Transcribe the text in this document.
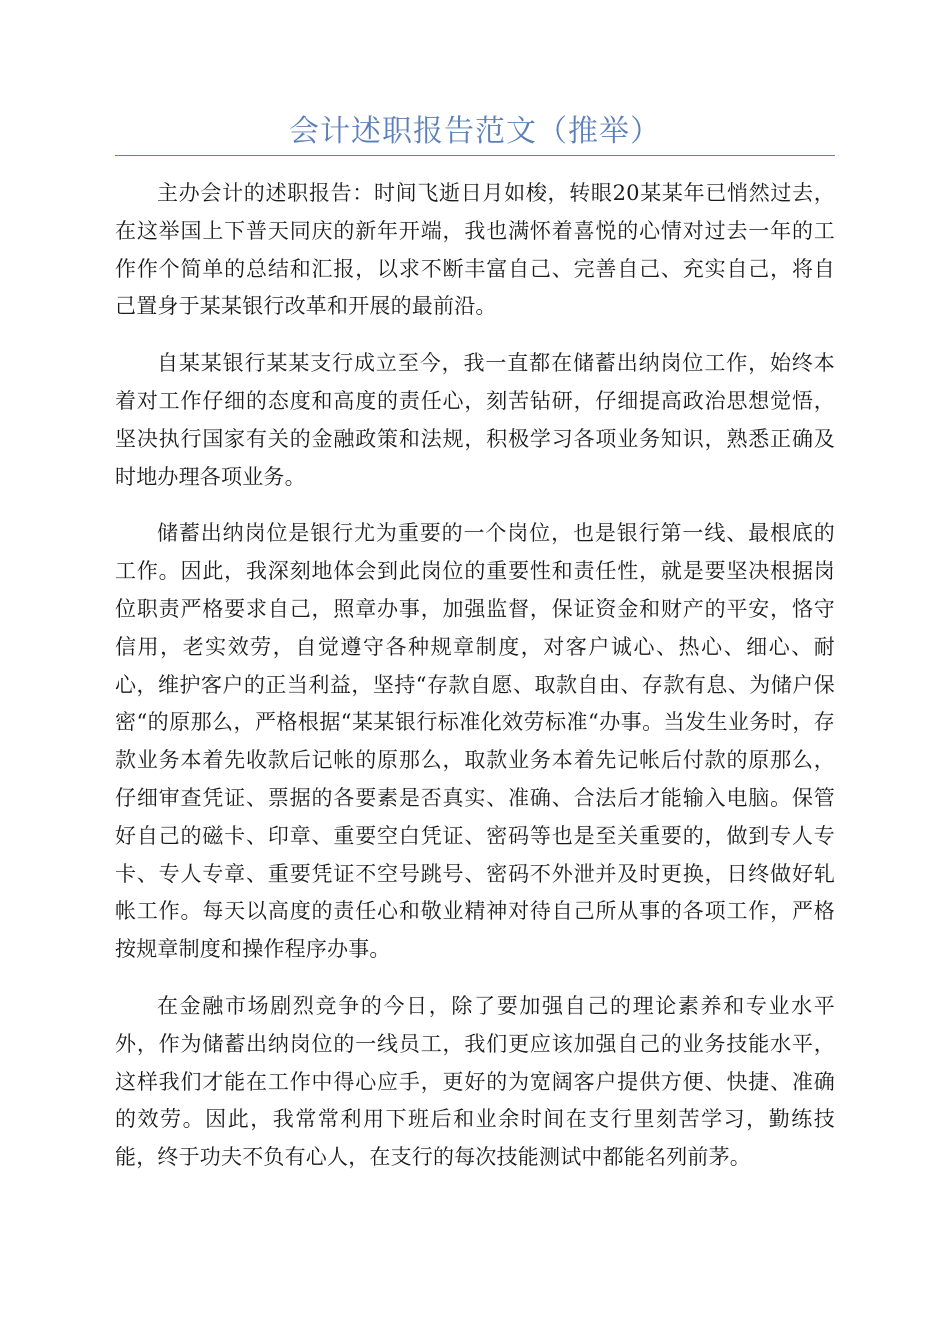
会计述职报告范文（推举）

主办会计的述职报告：时间飞逝日月如梭，转眼20某某年已悄然过去，在这举国上下普天同庆的新年开端，我也满怀着喜悦的心情对过去一年的工作作个简单的总结和汇报，以求不断丰富自己、完善自己、充实自己，将自己置身于某某银行改革和开展的最前沿。

自某某银行某某支行成立至今，我一直都在储蓄出纳岗位工作，始终本着对工作仔细的态度和高度的责任心，刻苦钻研，仔细提高政治思想觉悟，坚决执行国家有关的金融政策和法规，积极学习各项业务知识，熟悉正确及时地办理各项业务。

储蓄出纳岗位是银行尤为重要的一个岗位，也是银行第一线、最根底的工作。因此，我深刻地体会到此岗位的重要性和责任性，就是要坚决根据岗位职责严格要求自己，照章办事，加强监督，保证资金和财产的平安，恪守信用，老实效劳，自觉遵守各种规章制度，对客户诚心、热心、细心、耐心，维护客户的正当利益，坚持“存款自愿、取款自由、存款有息、为储户保密“的原那么，严格根据“某某银行标准化效劳标准“办事。当发生业务时，存款业务本着先收款后记帐的原那么，取款业务本着先记帐后付款的原那么，仔细审查凭证、票据的各要素是否真实、准确、合法后才能输入电脑。保管好自己的磁卡、印章、重要空白凭证、密码等也是至关重要的，做到专人专卡、专人专章、重要凭证不空号跳号、密码不外泄并及时更换，日终做好轧帐工作。每天以高度的责任心和敬业精神对待自己所从事的各项工作，严格按规章制度和操作程序办事。

在金融市场剧烈竞争的今日，除了要加强自己的理论素养和专业水平外，作为储蓄出纳岗位的一线员工，我们更应该加强自己的业务技能水平，这样我们才能在工作中得心应手，更好的为宽阔客户提供方便、快捷、准确的效劳。因此，我常常利用下班后和业余时间在支行里刻苦学习，勤练技能，终于功夫不负有心人，在支行的每次技能测试中都能名列前茅。
